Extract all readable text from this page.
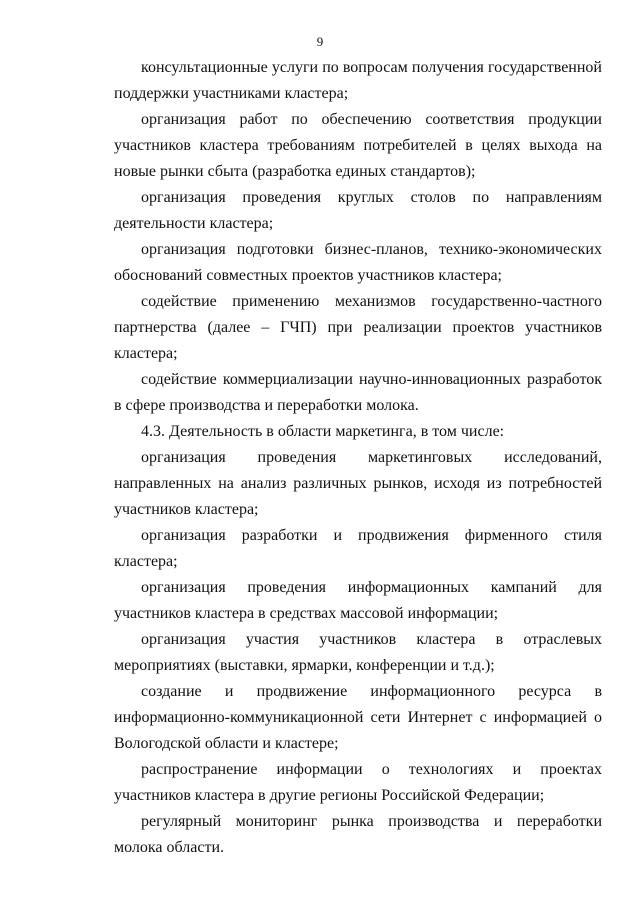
9

консультационные услуги по вопросам получения государственной поддержки участниками кластера;

организация работ по обеспечению соответствия продукции участников кластера требованиям потребителей в целях выхода на новые рынки сбыта (разработка единых стандартов);

организация проведения круглых столов по направлениям деятельности кластера;

организация подготовки бизнес-планов, технико-экономических обоснований совместных проектов участников кластера;

содействие применению механизмов государственно-частного партнерства (далее – ГЧП) при реализации проектов участников кластера;

содействие коммерциализации научно-инновационных разработок в сфере производства и переработки молока.

4.3. Деятельность в области маркетинга, в том числе:

организация проведения маркетинговых исследований, направленных на анализ различных рынков, исходя из потребностей участников кластера;

организация разработки и продвижения фирменного стиля кластера;

организация проведения информационных кампаний для участников кластера в средствах массовой информации;

организация участия участников кластера в отраслевых мероприятиях (выставки, ярмарки, конференции и т.д.);

создание и продвижение информационного ресурса в информационно-коммуникационной сети Интернет с информацией о Вологодской области и кластере;

распространение информации о технологиях и проектах участников кластера в другие регионы Российской Федерации;

регулярный мониторинг рынка производства и переработки молока области.
